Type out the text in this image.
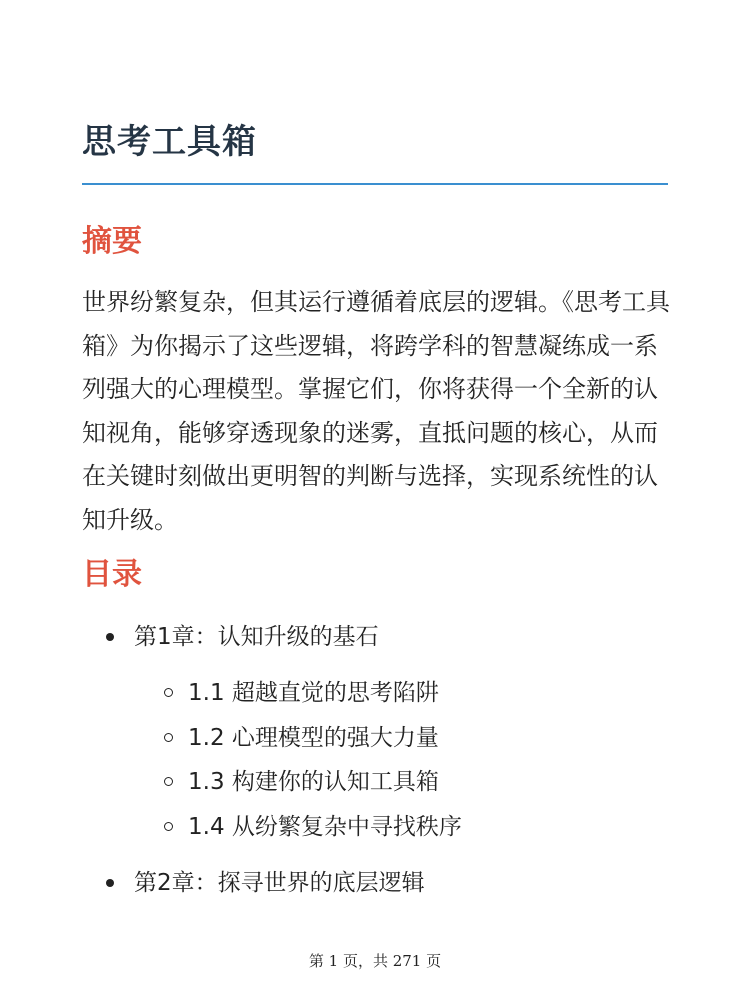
思考工具箱
摘要

世界纷繁复杂，但其运行遵循着底层的逻辑。《思考工具箱》为你揭示了这些逻辑，将跨学科的智慧凝练成一系列强大的心理模型。掌握它们，你将获得一个全新的认知视角，能够穿透现象的迷雾，直抵问题的核心，从而在关键时刻做出更明智的判断与选择，实现系统性的认知升级。

目录
第1章：认知升级的基石
1.1 超越直觉的思考陷阱
1.2 心理模型的强大力量
1.3 构建你的认知工具箱
1.4 从纷繁复杂中寻找秩序
第2章：探寻世界的底层逻辑
第 1 页，共 271 页
